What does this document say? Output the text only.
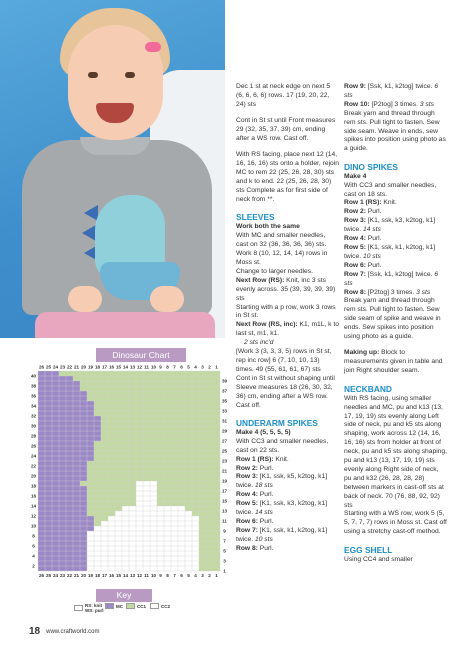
Dinosaur Chart
26 25 24 23 22 21 20 19 18 17 16 15 14 13 12 11 10 9 8 7 6 5 4 3 2 1
26 25 24 23 22 21 20 19 18 17 16 15 14 13 12 11 10 9 8 7 6 5 4 3 2 1
40
38
36
34
32
30
28
26
24
22
20
18
16
14
12
10
8
6
4
2
39
37
35
33
31
29
27
25
23
21
19
17
15
13
11
9
7
5
3
1
Key
RS: knit
WS: purl
MC	CC1	CC2
18 www.craftworld.com

Dec 1 st at neck edge on next 5 (6, 6, 6, 6) rows. 17 (19, 20, 22, 24) sts

Cont in St st until Front measures 29 (32, 35, 37, 39) cm, ending after a WS row. Cast off.

With RS facing, place next 12 (14, 16, 16, 16) sts onto a holder, rejoin MC to rem 22 (25, 26, 28, 30) sts and k to end. 22 (25, 26, 28, 30) sts Complete as for first side of neck from **.

SLEEVES

Work both the same

With MC and smaller needles, cast on 32 (36, 36, 36, 36) sts.

Work 8 (10, 12, 14, 14) rows in Moss st.

Change to larger needles.

Next Row (RS): Knit, inc 3 sts evenly across. 35 (39, 39, 39, 39) sts

Starting with a p row, work 3 rows in St st.

Next Row (RS, inc): K1, m1L, k to last st, m1, k1.

2 sts inc'd

[Work 3 (3, 3, 3, 5) rows in St st, rep inc row] 6 (7, 10, 10, 13) times. 49 (55, 61, 61, 67) sts

Cont in St st without shaping until Sleeve measures 18 (26, 30, 32, 36) cm, ending after a WS row.

Cast off.

UNDERARM SPIKES

Make 4 (5, 5, 5, 5)

With CC3 and smaller needles, cast on 22 sts.

Row 1 (RS): Knit.

Row 2: Purl.

Row 3: [K1, ssk, k5, k2tog, k1] twice. 18 sts

Row 4: Purl.

Row 5: [K1, ssk, k3, k2tog, k1] twice. 14 sts

Row 6: Purl.

Row 7: [K1, ssk, k1, k2tog, k1] twice. 10 sts

Row 8: Purl.

Row 9: [Ssk, k1, k2tog] twice. 6 sts

Row 10: [P2tog] 3 times. 3 sts

Break yarn and thread through rem sts. Pull tight to fasten. Sew side seam. Weave in ends, sew spikes into position using photo as a guide.

DINO SPIKES

Make 4

With CC3 and smaller needles, cast on 18 sts.

Row 1 (RS): Knit.

Row 2: Purl.

Row 3: [K1, ssk, k3, k2tog, k1] twice. 14 sts

Row 4: Purl.

Row 5: [K1, ssk, k1, k2tog, k1] twice. 10 sts

Row 6: Purl.

Row 7: [Ssk, k1, k2tog] twice. 6 sts

Row 8: [P2tog] 3 times. 3 sts

Break yarn and thread through rem sts. Pull tight to fasten. Sew side seam of spike and weave in ends. Sew spikes into position using photo as a guide.

Making up: Block to measurements given in table and join Right shoulder seam.

NECKBAND

With RS facing, using smaller needles and MC, pu and k13 (13, 17, 19, 19) sts evenly along Left side of neck, pu and k5 sts along shaping, work across 12 (14, 16, 16, 16) sts from holder at front of neck, pu and k5 sts along shaping, pu and k13 (13, 17, 19, 19) sts evenly along Right side of neck, pu and k32 (26, 28, 28, 28) between markers in cast-off sts at back of neck. 70 (76, 88, 92, 92) sts

Starting with a WS row, work 5 (5, 5, 7, 7, 7) rows in Moss st. Cast off using a stretchy cast-off method.

EGG SHELL

Using CC4 and smaller
